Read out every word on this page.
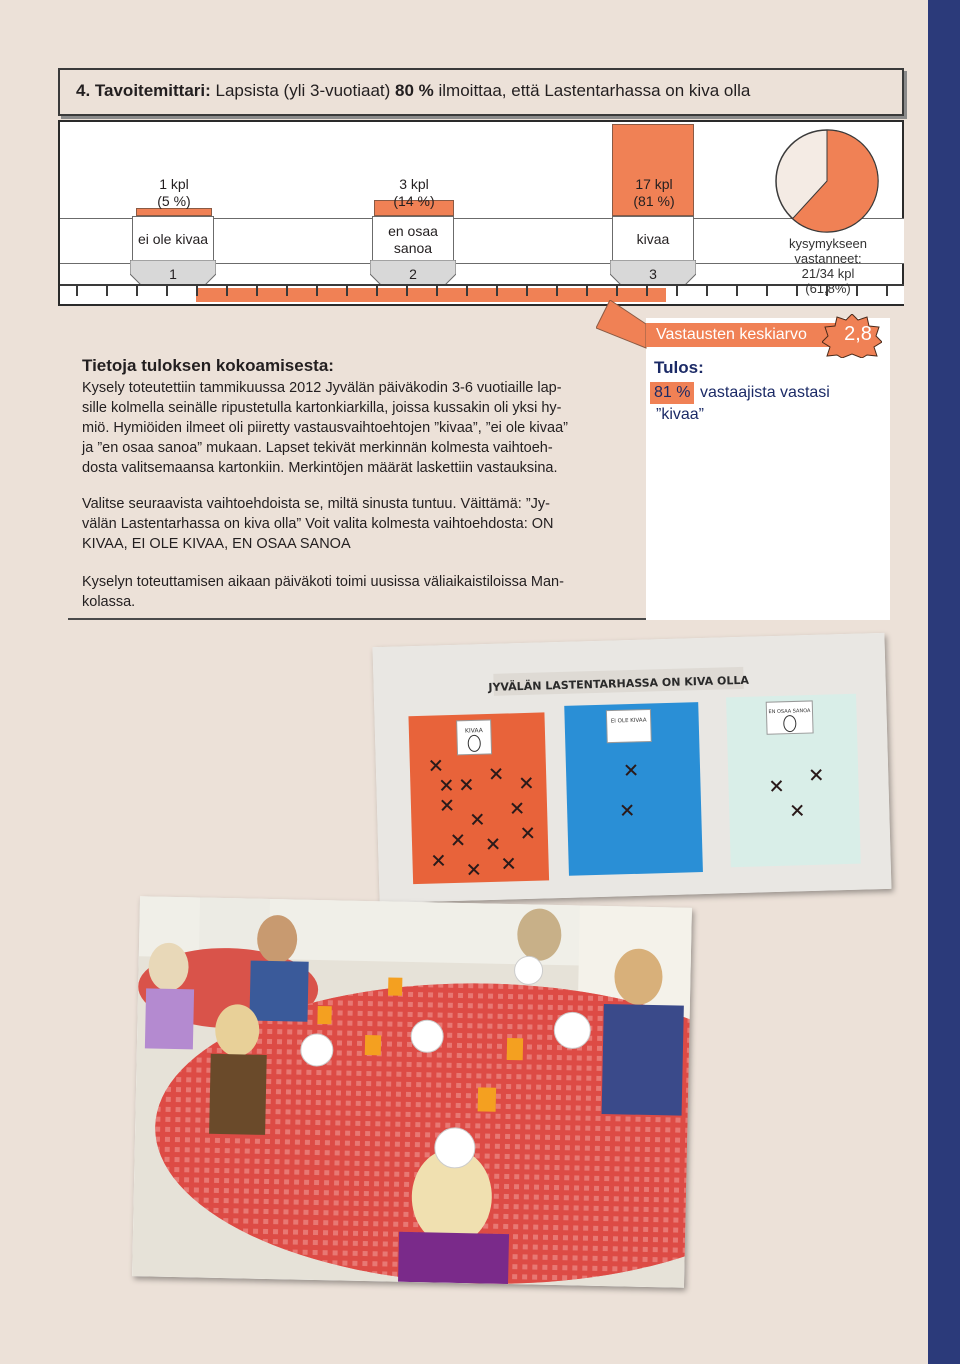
4. Tavoitemittari: Lapsista (yli 3-vuotiaat) 80 % ilmoittaa, että Lastentarhassa on kiva olla
1 kpl
(5 %)
3 kpl
(14 %)
17 kpl
(81 %)
ei ole kivaa	en osaa
sanoa
kivaa
1	2	3
kysymykseen
vastanneet:
21/34 kpl
(61,8%)
Vastausten keskiarvo	2,8
Tulos:
81 % vastaajista vastasi
”kivaa”
Tietoja tuloksen kokoamisesta:
Kysely toteutettiin tammikuussa 2012 Jyvälän päiväkodin 3-6 vuotiaille lap-
sille kolmella seinälle ripustetulla kartonkiarkilla, joissa kussakin oli yksi hy-
miö. Hymiöiden ilmeet oli piiretty vastausvaihtoehtojen ”kivaa”, ”ei ole kivaa”
ja ”en osaa sanoa” mukaan. Lapset tekivät merkinnän kolmesta vaihtoeh-
dosta valitsemaansa kartonkiin. Merkintöjen määrät laskettiin vastauksina.
Valitse seuraavista vaihtoehdoista se, miltä sinusta tuntuu. Väittämä: ”Jy-
välän Lastentarhassa on kiva olla” Voit valita kolmesta vaihtoehdosta: ON
KIVAA, EI OLE KIVAA, EN OSAA SANOA
Kyselyn toteuttamisen aikaan päiväkoti toimi uusissa väliaikaistiloissa Man-
kolassa.
JYVÄLÄN LASTENTARHASSA ON KIVA OLLA
KIVAA
EI OLE KIVAA
EN OSAA SANOA
